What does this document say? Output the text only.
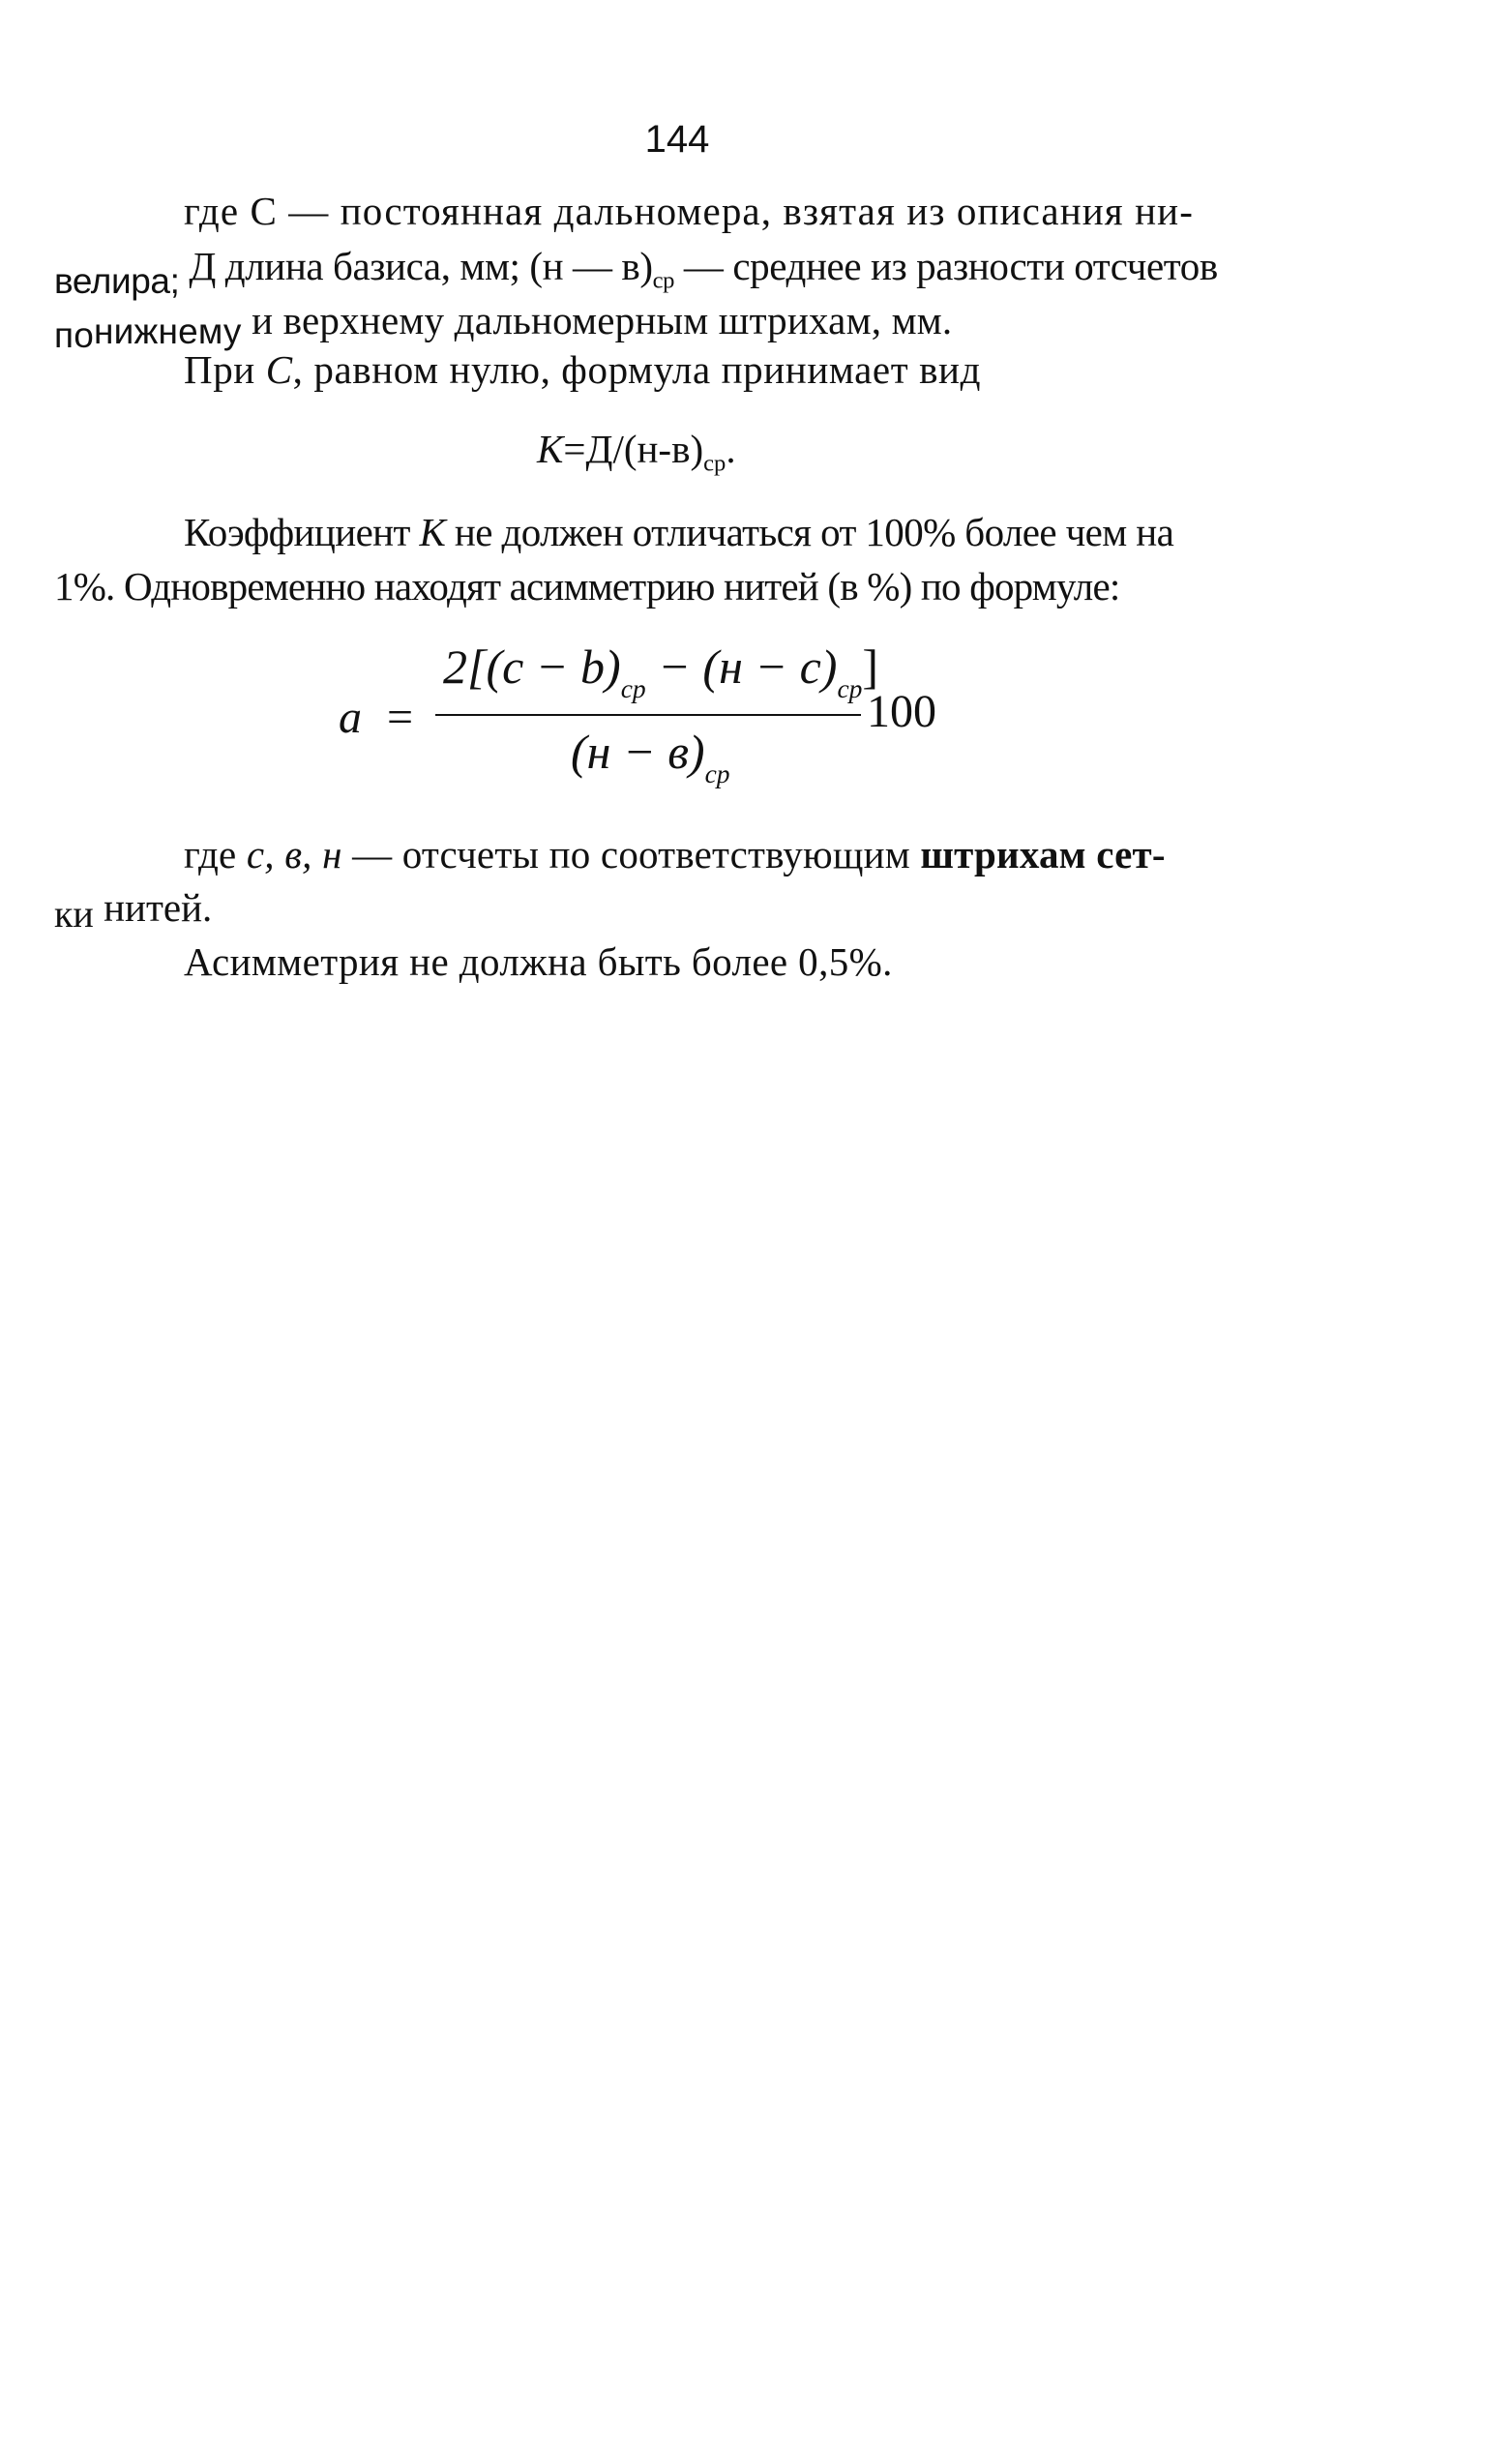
144
где C — постоянная дальномера, взятая из описания ни-
велира; Д длина базиса, мм; (н — $в)_{ср}$ — среднее из разности отсчетов
понижнему и верхнему дальномерным штрихам, мм.
При C, равном нулю, формула принимает вид
$K=Д/(н-в)_{ср}$.
Коэффициент K не должен отличаться от 100% более чем на
1%. Одновременно находят асимметрию нитей (в %) по формуле:
a =
$2[(c - b)_{cp} - (н - с)_{cp}]$
$(н - в)_{cp}$
100
где с, в, н — отсчеты по соответствующим штрихам сет-
ки нитей.
Асимметрия не должна быть более 0,5%.
